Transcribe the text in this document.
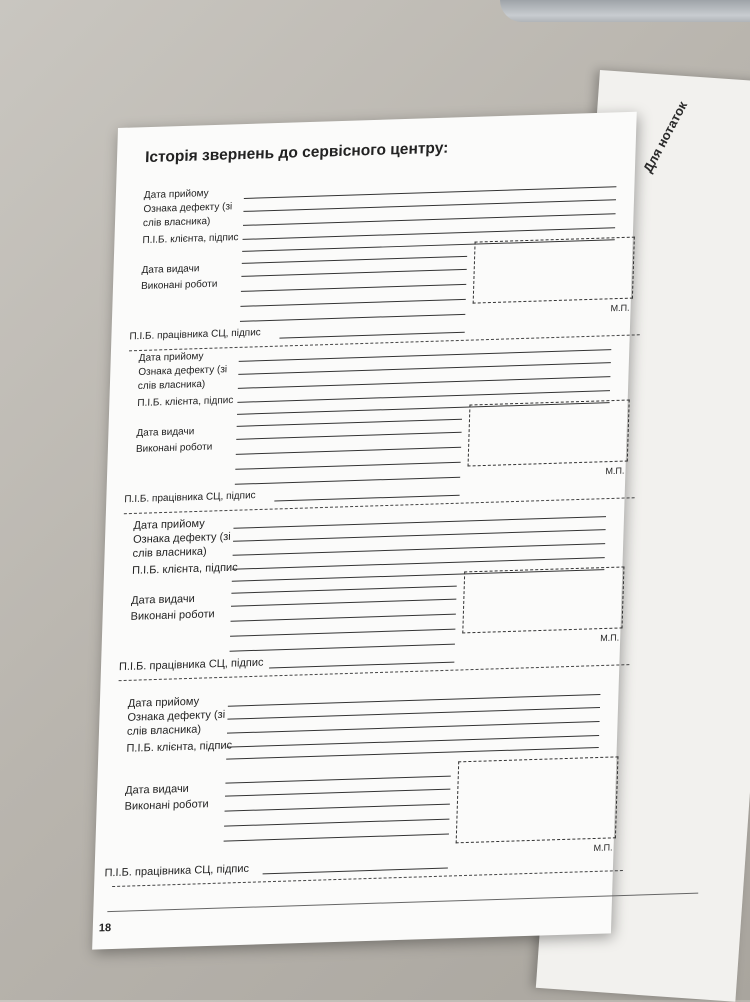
Для нотаток
Історія звернень до сервісного центру:
Дата прийому
Ознака дефекту (зі
слів власника)
П.І.Б. клієнта, підпис
Дата видачи
Виконані роботи
М.П.
П.І.Б. працівника СЦ, підпис
Дата прийому
Ознака дефекту (зі
слів власника)
П.І.Б. клієнта, підпис
Дата видачи
Виконані роботи
М.П.
П.І.Б. працівника СЦ, підпис
Дата прийому
Ознака дефекту (зі
слів власника)
П.І.Б. клієнта, підпис
Дата видачи
Виконані роботи
М.П.
П.І.Б. працівника СЦ, підпис
Дата прийому
Ознака дефекту (зі
слів власника)
П.І.Б. клієнта, підпис
Дата видачи
Виконані роботи
М.П.
П.І.Б. працівника СЦ, підпис
18
